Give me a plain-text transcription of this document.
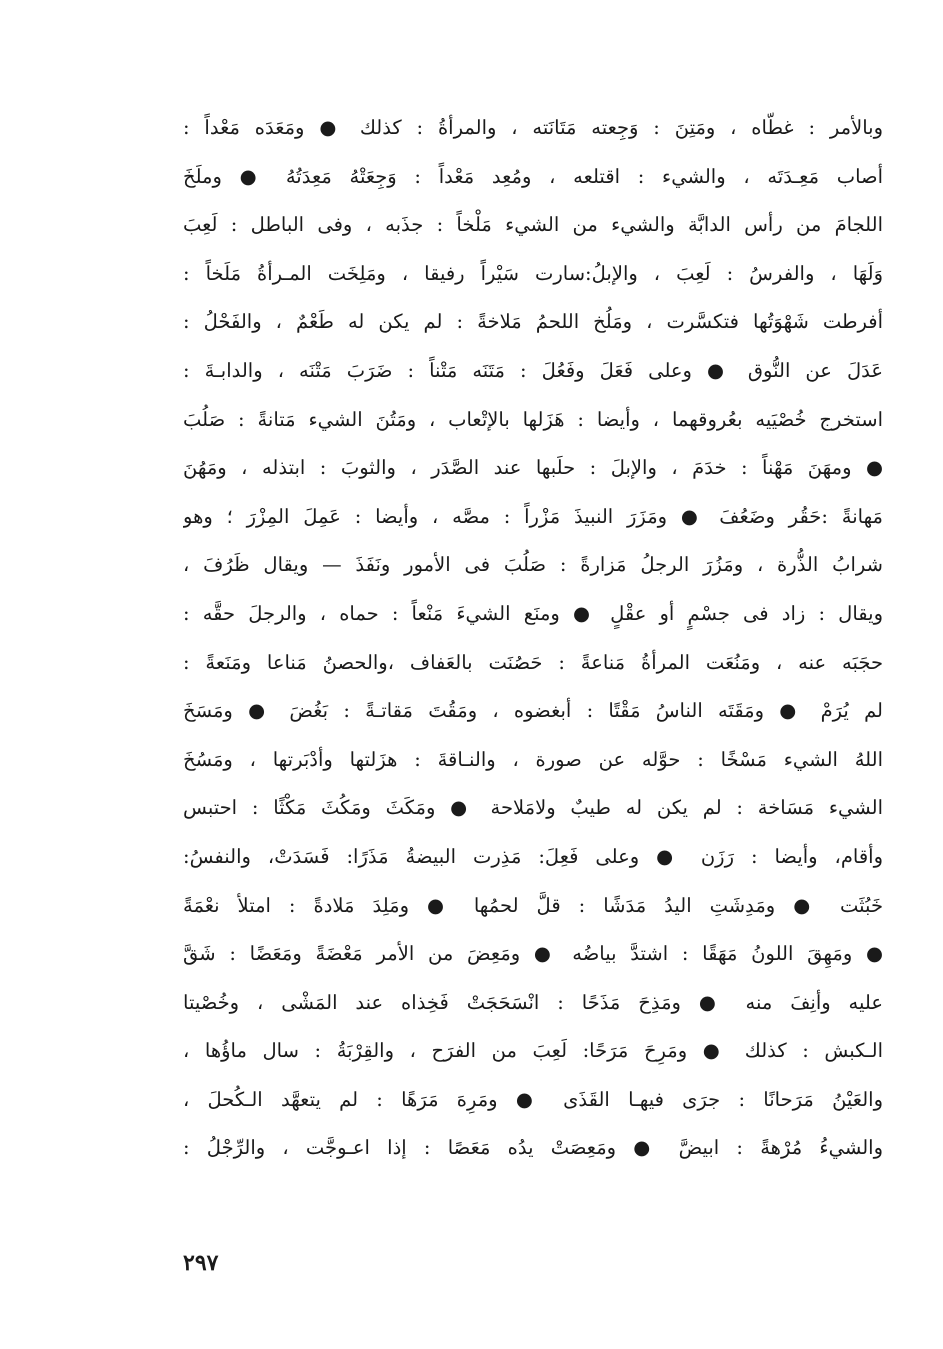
وبالأمر : غطّاه ، ومَتِنَ : وَجِعته مَتَانَته ، والمرأةُ : كذلك ● ومَعَدَه مَعْداً :
أصاب مَعِـدَتَه ، والشيء : اقتلعه ، ومُعِد مَعْداً : وَجِعَتْهُ مَعِدَتُهُ ● وملَخَ
اللجامَ من رأس الدابَّة والشيء من الشيء مَلْخاً : جذَبه ، وفى الباطل : لَعِبَ
وَلَهَا ، والفرسُ : لَعِبَ ، والإبلُ:سارت سَيْراً رفيقا ، ومَلِخَت المـرأةُ مَلَخاً :
أفرطت شَهْوَتُها فتكسَّرت ، ومَلُخ اللحمُ مَلاخةً : لم يكن له طَعْمٌ ، والفَحْلُ :
عَدَلَ عن النُّوق ● وعلى فَعَلَ وفَعُلَ : مَتَنَه مَتْناً : ضَرَبَ مَتْنَه ، والدابـةَ :
استخرج خُصْيَيه بعُروقهما ، وأيضا : هَزَلها بالإتْعاب ، ومَتُنَ الشيء مَتانةً : صَلُبَ
● ومهَنَ مَهْناً : خدَمَ ، والإبلَ : حلَبها عند الصَّدَر ، والثوبَ : ابتذله ، ومَهُنَ
مَهانةً :حَقُر وضَعُفَ ● ومَزَرَ النبيذَ مَزْراً : مصَّه ، وأيضا : عَمِلَ المِزْرَ ؛ وهو
شرابُ الذُّرة ، ومَزُرَ الرجلُ مَزارةً : صَلُبَ فى الأمور ونَفَذَ — ويقال ظَرُفَ ،
ويقال : زاد فى جسْمٍ أو عقْلٍ ● ومنَع الشيءَ مَنْعاً : حماه ، والرجلَ حقَّه :
حجَبَه عنه ، ومَنُعَت المرأةُ مَناعةً : حَصُنَت بالعَفاف ،والحصنُ مَناعا ومَنَعةً :
لم يُرَمْ ● ومَقَتَه الناسُ مَقْتًا : أبغضوه ، ومَقُتَ مَقاتـةً : بَغُضَ ● ومَسَخَ
اللهُ الشيء مَسْخًا : حوَّله عن صورة ، والنـاقةَ : هزَلتها وأدْبَرتها ، ومَسُخَ
الشيء مَسَاخة : لم يكن له طيبٌ ولامَلاحة ● ومَكَثَ ومَكُثَ مَكْثًا : احتبس
وأقام، وأيضا : رَزَن ● وعلى فَعِلَ: مَذِرت البيضةُ مَذَرًا: فَسَدَتْ، والنفسُ:
خَبُثَت ● ومَدِشَتِ اليدُ مَدَشًا : قلَّ لحمُها ● ومَلِدَ مَلادةً : امتلأ نعْمَةً
● ومَهِقَ اللونُ مَهَقًا : اشتدَّ بياضُه ● ومَعِضَ من الأمر مَعْضَةً ومَعَضًا : شَقَّ
عليه وأنِفَ منه ● ومَذِحَ مَذَحًا : انْسَحَجَتْ فَخِذاه عند المَشْى ، وخُصْيتا
الـكبش : كذلك ● ومَرِحَ مَرَحًا: لَعِبَ من الفرَح ، والقِرْبَةُ : سال ماؤُها ،
والعَيْنُ مَرَحانًا : جرَى فيهـا القَذَى ● ومَرِهَ مَرَهًا : لم يتعهَّد الـكُحلَ ،
والشيءُ مُرْهةً : ابيضَّ ● ومَعِصَتْ يدُه مَعَصًا : إذا اعـوجَّت ، والرِّجْلُ :
٢٩٧
